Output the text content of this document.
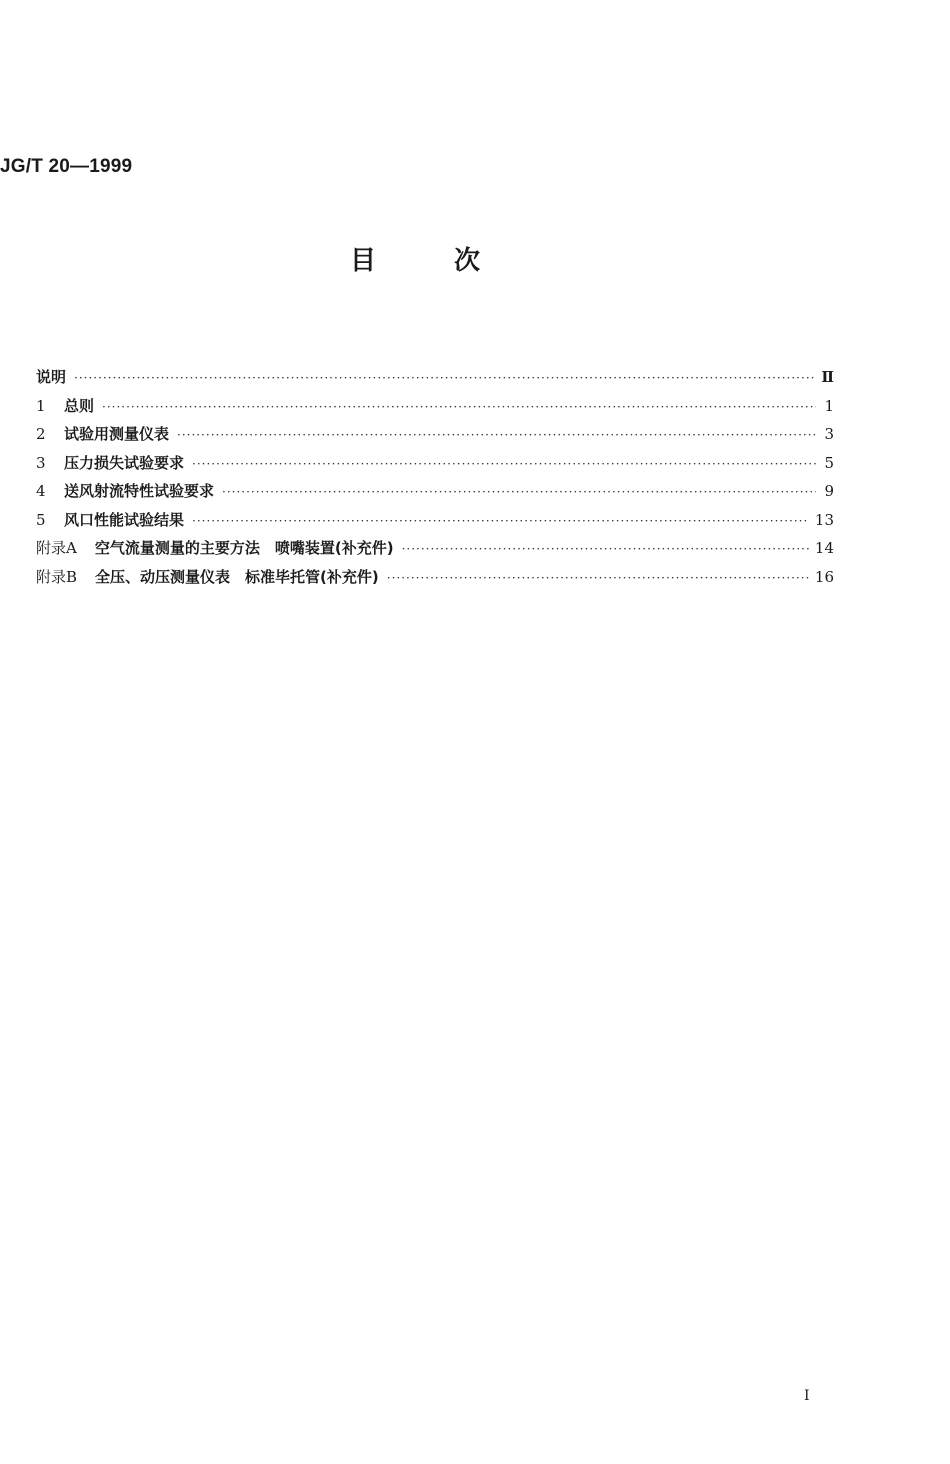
JG/T 20—1999
目次
说明 ·····	Ⅱ
1	总则 ·····	1
2	试验用测量仪表 ·····	3
3	压力损失试验要求 ·····	5
4	送风射流特性试验要求 ·····	9
5	风口性能试验结果 ·····	13
附录A	空气流量测量的主要方法　喷嘴装置(补充件) ·····	14
附录B	全压、动压测量仪表　标准毕托管(补充件) ·····	16
I
